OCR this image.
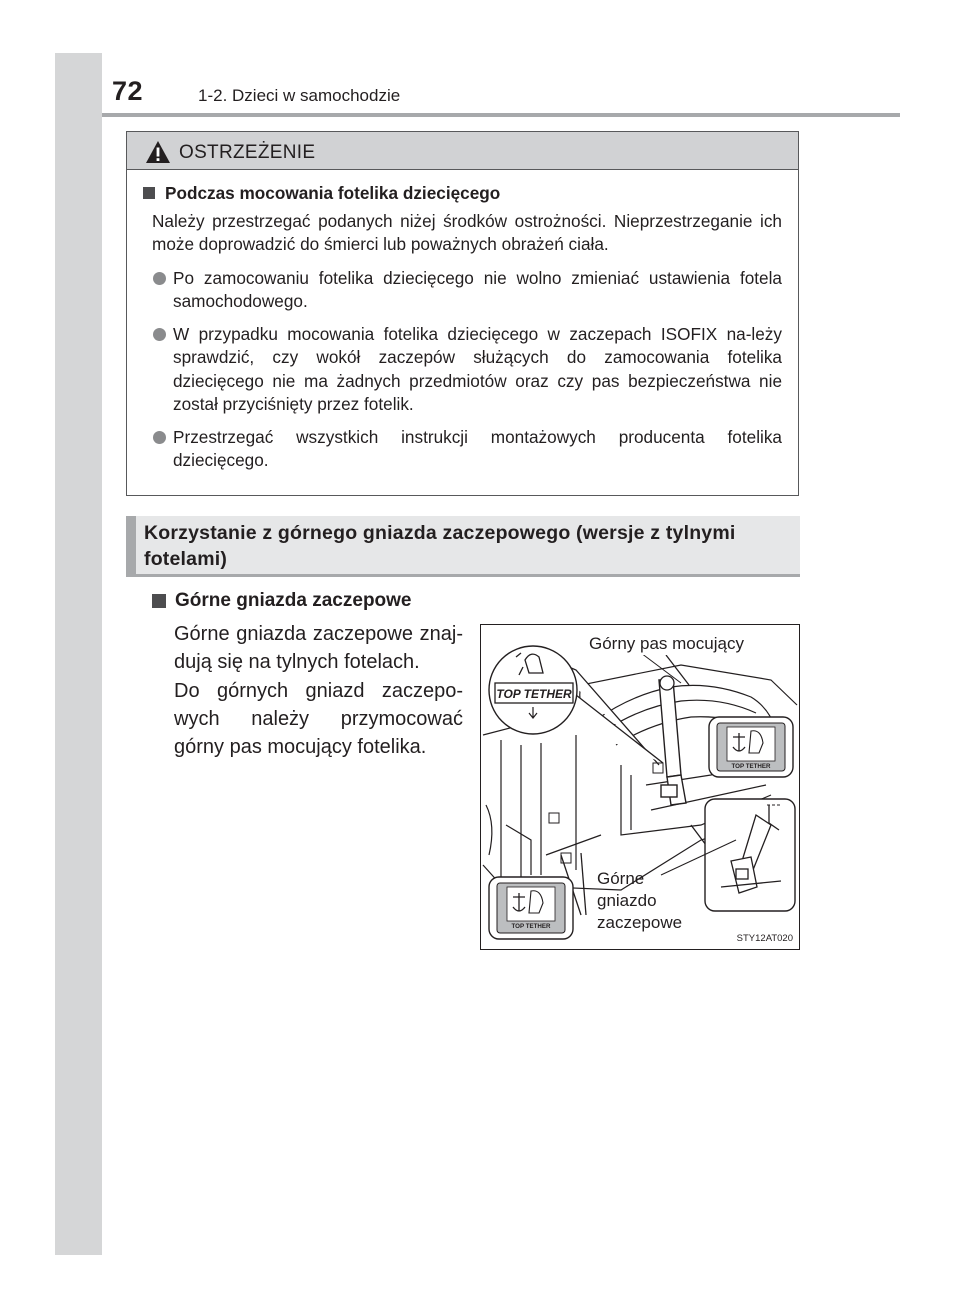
72	1-2. Dzieci w samochodzie
OSTRZEŻENIE
Podczas mocowania fotelika dziecięcego
Należy przestrzegać podanych niżej środków ostrożności. Nieprzestrzeganie ich może doprowadzić do śmierci lub poważnych obrażeń ciała.
Po zamocowaniu fotelika dziecięcego nie wolno zmieniać ustawienia fotela samochodowego.
W przypadku mocowania fotelika dziecięcego w zaczepach ISOFIX na-leży sprawdzić, czy wokół zaczepów służących do zamocowania fotelika dziecięcego nie ma żadnych przedmiotów oraz czy pas bezpieczeństwa nie został przyciśnięty przez fotelik.
Przestrzegać wszystkich instrukcji montażowych producenta fotelika dziecięcego.
Korzystanie z górnego gniazda zaczepowego (wersje z tylnymi fotelami)
Górne gniazda zaczepowe
Górne gniazda zaczepowe znaj-dują się na tylnych fotelach.
Do górnych gniazd zaczepo-wych należy przymocować górny pas mocujący fotelika.
TOP TETHER
TOP TETHER
TOP TETHER
Górny pas mocujący
Górne gniazdo zaczepowe
STY12AT020
